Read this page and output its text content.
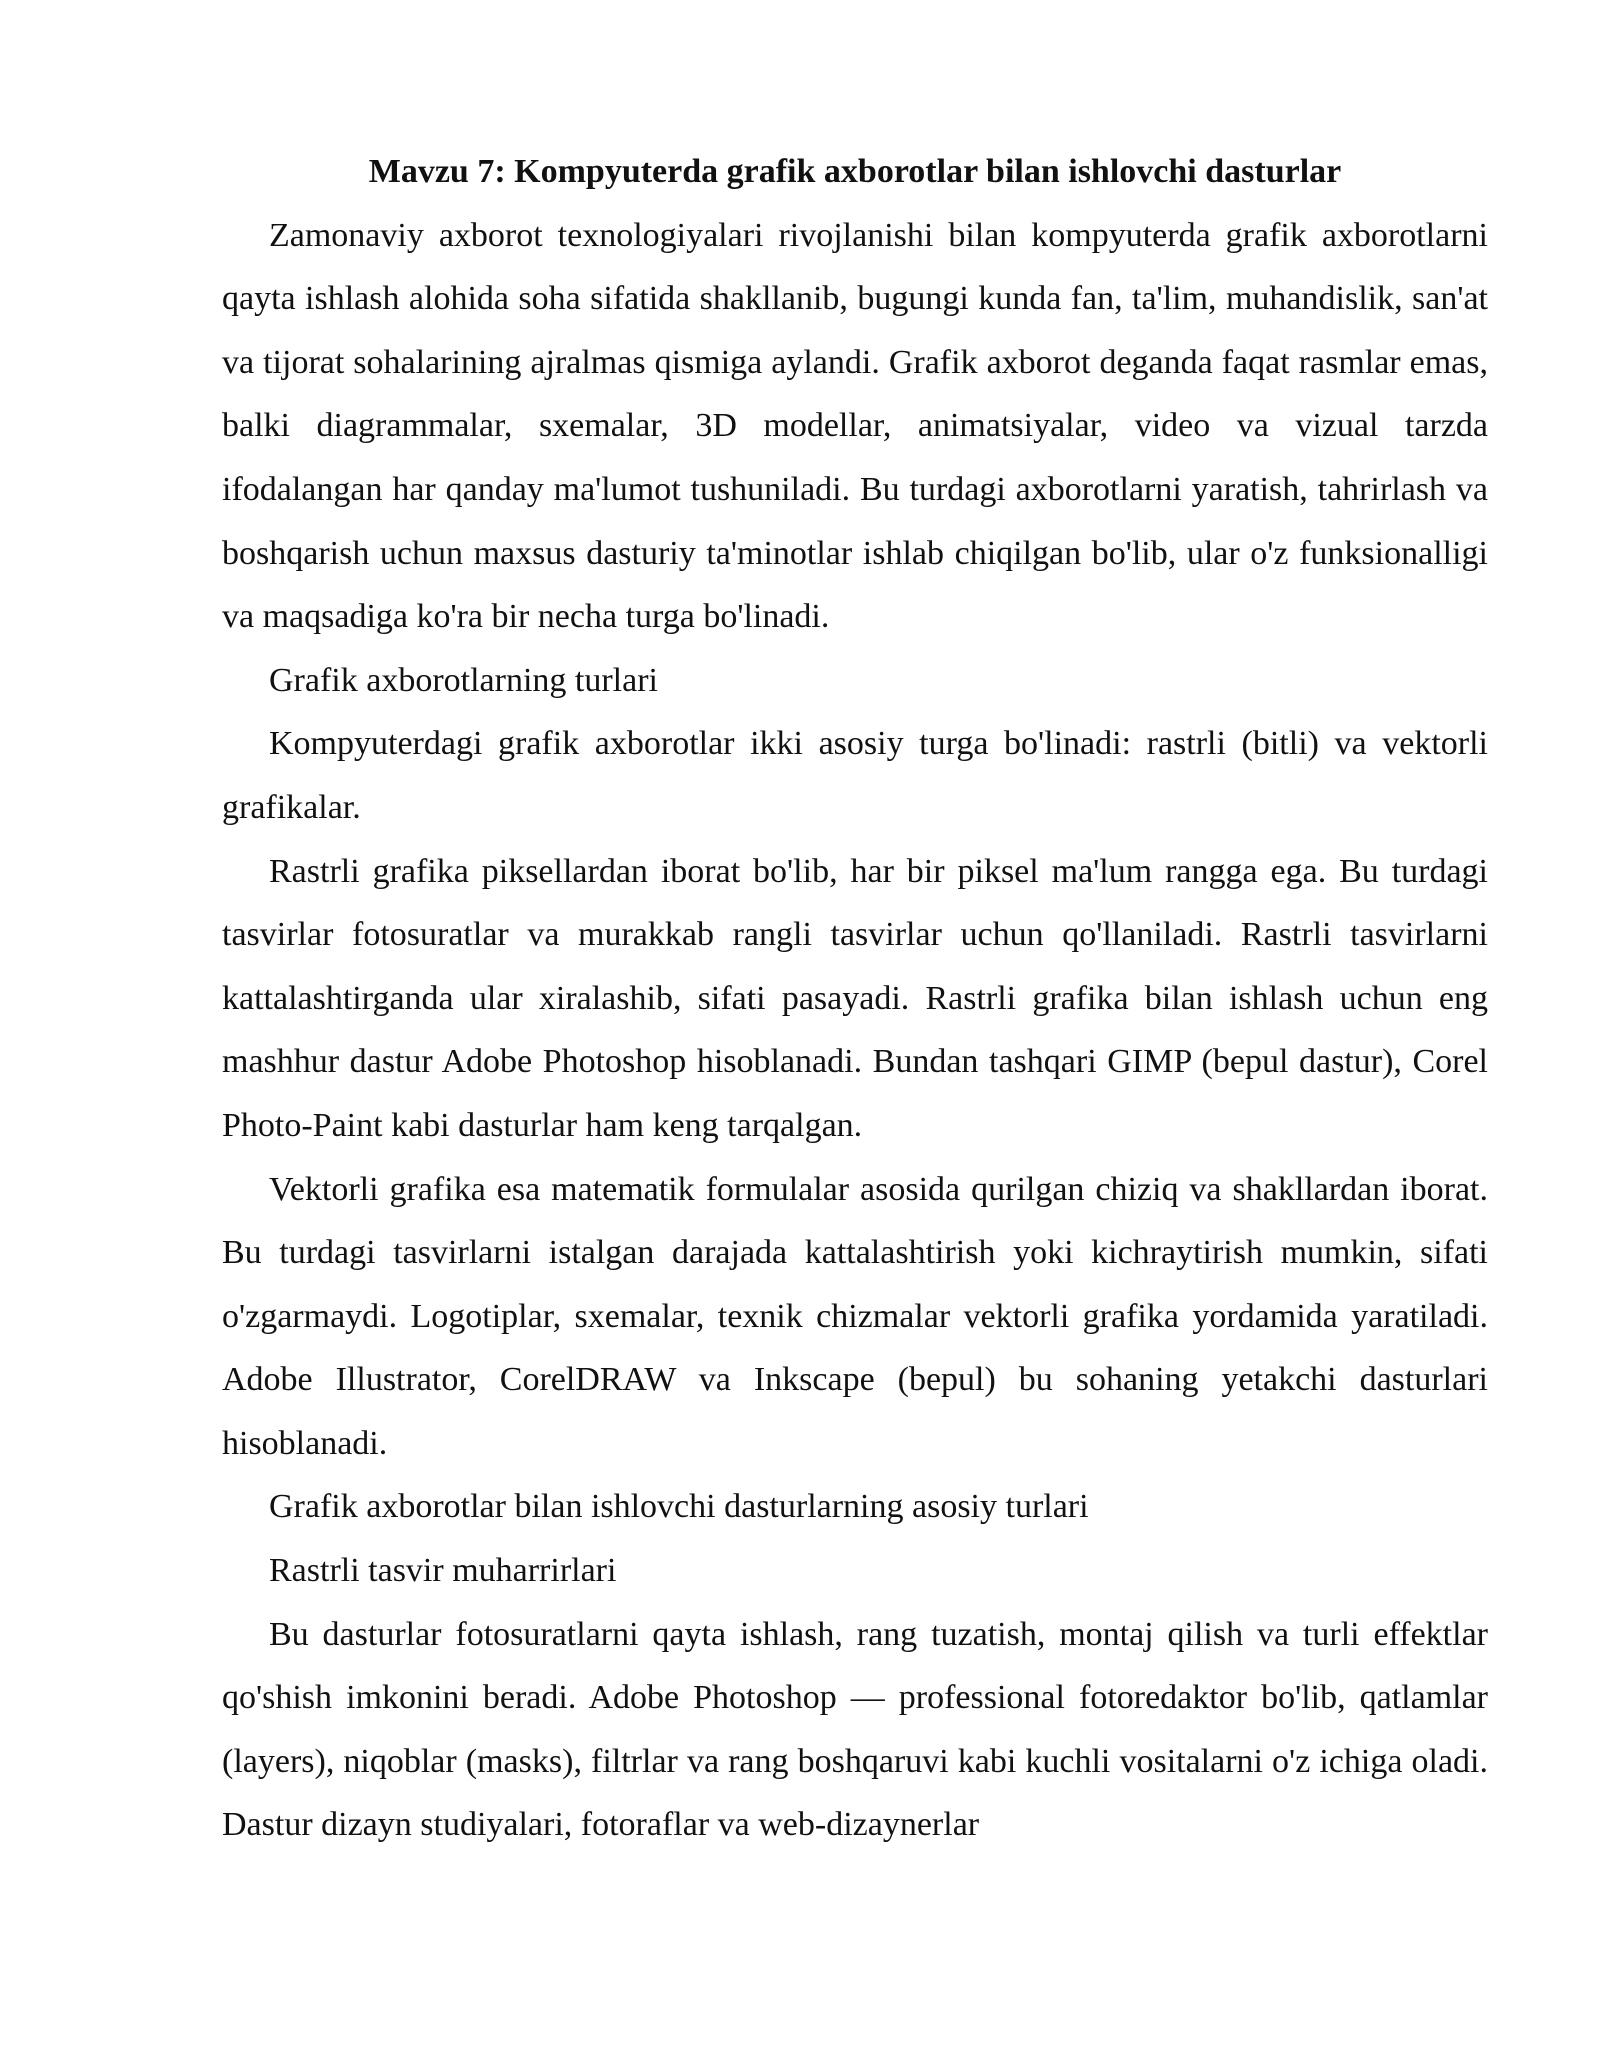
Mavzu 7: Kompyuterda grafik axborotlar bilan ishlovchi dasturlar

Zamonaviy axborot texnologiyalari rivojlanishi bilan kompyuterda grafik axborotlarni qayta ishlash alohida soha sifatida shakllanib, bugungi kunda fan, ta'lim, muhandislik, san'at va tijorat sohalarining ajralmas qismiga aylandi. Grafik axborot deganda faqat rasmlar emas, balki diagrammalar, sxemalar, 3D modellar, animatsiyalar, video va vizual tarzda ifodalangan har qanday ma'lumot tushuniladi. Bu turdagi axborotlarni yaratish, tahrirlash va boshqarish uchun maxsus dasturiy ta'minotlar ishlab chiqilgan bo'lib, ular o'z funksionalligi va maqsadiga ko'ra bir necha turga bo'linadi.

Grafik axborotlarning turlari

Kompyuterdagi grafik axborotlar ikki asosiy turga bo'linadi: rastrli (bitli) va vektorli grafikalar.

Rastrli grafika piksellardan iborat bo'lib, har bir piksel ma'lum rangga ega. Bu turdagi tasvirlar fotosuratlar va murakkab rangli tasvirlar uchun qo'llaniladi. Rastrli tasvirlarni kattalashtirganda ular xiralashib, sifati pasayadi. Rastrli grafika bilan ishlash uchun eng mashhur dastur Adobe Photoshop hisoblanadi. Bundan tashqari GIMP (bepul dastur), Corel Photo-Paint kabi dasturlar ham keng tarqalgan.

Vektorli grafika esa matematik formulalar asosida qurilgan chiziq va shakllardan iborat. Bu turdagi tasvirlarni istalgan darajada kattalashtirish yoki kichraytirish mumkin, sifati o'zgarmaydi. Logotiplar, sxemalar, texnik chizmalar vektorli grafika yordamida yaratiladi. Adobe Illustrator, CorelDRAW va Inkscape (bepul) bu sohaning yetakchi dasturlari hisoblanadi.

Grafik axborotlar bilan ishlovchi dasturlarning asosiy turlari

Rastrli tasvir muharrirlari

Bu dasturlar fotosuratlarni qayta ishlash, rang tuzatish, montaj qilish va turli effektlar qo'shish imkonini beradi. Adobe Photoshop — professional fotoredaktor bo'lib, qatlamlar (layers), niqoblar (masks), filtrlar va rang boshqaruvi kabi kuchli vositalarni o'z ichiga oladi. Dastur dizayn studiyalari, fotoraflar va web-dizaynerlar
